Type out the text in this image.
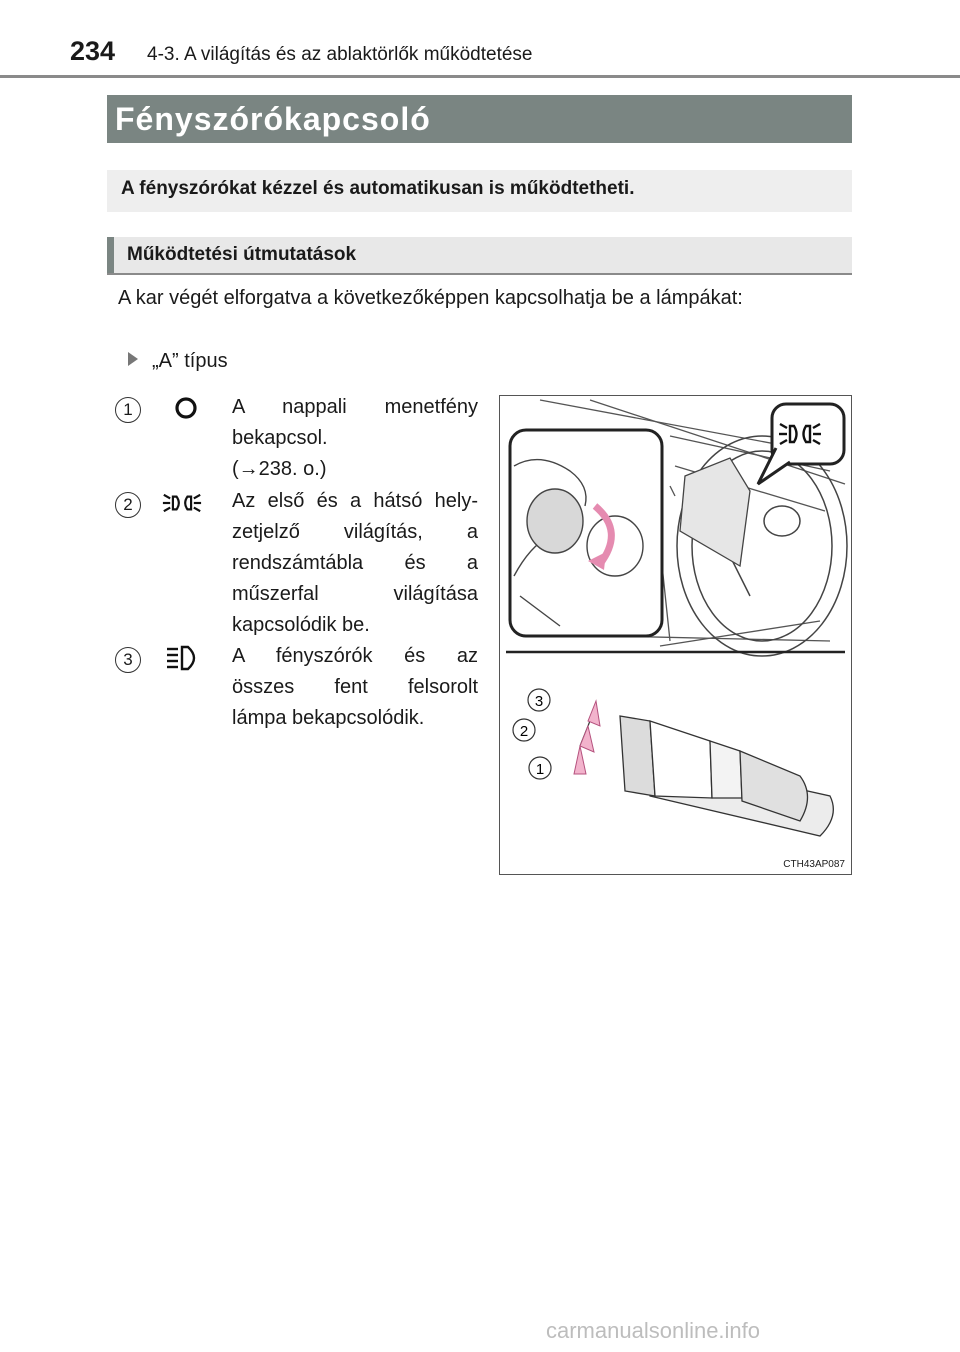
234 4-3. A világítás és az ablaktörlők működtetése
Fényszórókapcsoló
A fényszórókat kézzel és automatikusan is működtetheti.
Működtetési útmutatások
A kar végét elforgatva a következőképpen kapcsolhatja be a lámpákat:
„A” típus
1	A nappali menetfény
bekapcsol.
(→238. o.)
2	Az első és a hátsó hely-
zetjelző világítás, a
rendszámtábla és a
műszerfal világítása
kapcsolódik be.
3	A fényszórók és az
összes fent felsorolt
lámpa bekapcsolódik.
3
2
1
CTH43AP087
carmanualsonline.info
